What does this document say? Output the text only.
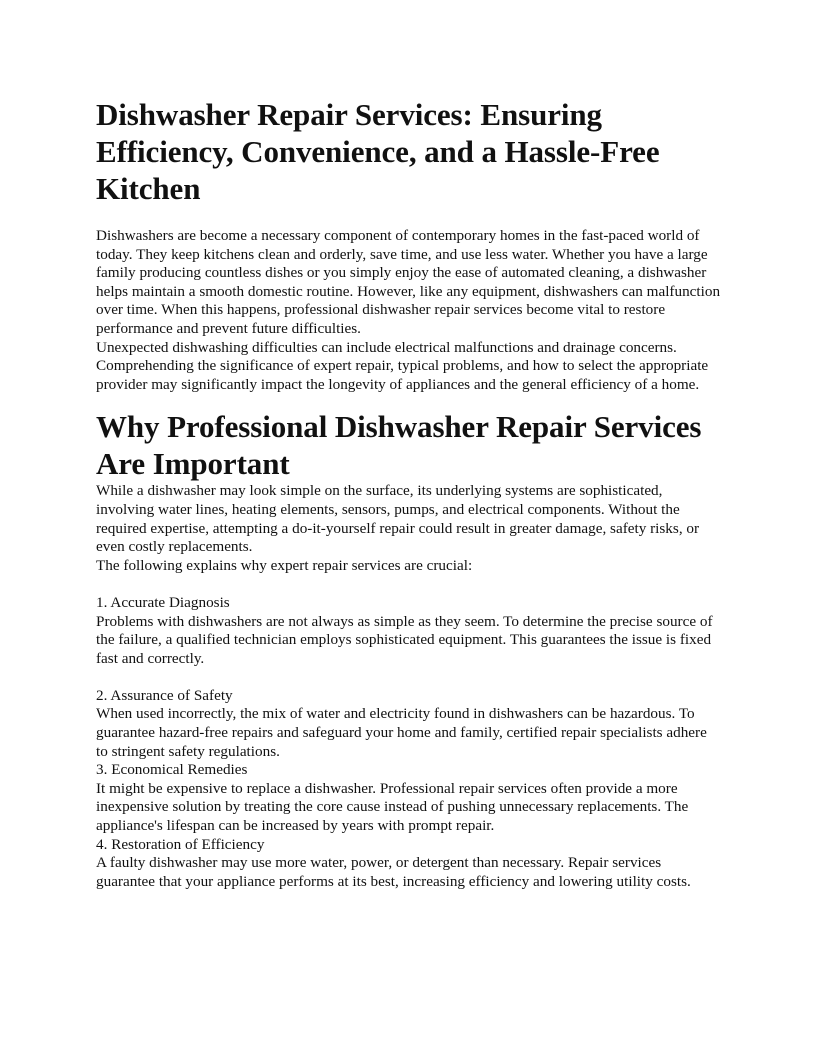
Dishwasher Repair Services: Ensuring Efficiency, Convenience, and a Hassle-Free Kitchen

Dishwashers are become a necessary component of contemporary homes in the fast-paced world of today. They keep kitchens clean and orderly, save time, and use less water. Whether you have a large family producing countless dishes or you simply enjoy the ease of automated cleaning, a dishwasher helps maintain a smooth domestic routine. However, like any equipment, dishwashers can malfunction over time. When this happens, professional dishwasher repair services become vital to restore performance and prevent future difficulties.

Unexpected dishwashing difficulties can include electrical malfunctions and drainage concerns. Comprehending the significance of expert repair, typical problems, and how to select the appropriate provider may significantly impact the longevity of appliances and the general efficiency of a home.

Why Professional Dishwasher Repair Services Are Important

While a dishwasher may look simple on the surface, its underlying systems are sophisticated, involving water lines, heating elements, sensors, pumps, and electrical components. Without the required expertise, attempting a do-it-yourself repair could result in greater damage, safety risks, or even costly replacements.

The following explains why expert repair services are crucial:

1. Accurate Diagnosis

Problems with dishwashers are not always as simple as they seem. To determine the precise source of the failure, a qualified technician employs sophisticated equipment. This guarantees the issue is fixed fast and correctly.

2. Assurance of Safety

When used incorrectly, the mix of water and electricity found in dishwashers can be hazardous. To guarantee hazard-free repairs and safeguard your home and family, certified repair specialists adhere to stringent safety regulations.

3. Economical Remedies

It might be expensive to replace a dishwasher. Professional repair services often provide a more inexpensive solution by treating the core cause instead of pushing unnecessary replacements. The appliance's lifespan can be increased by years with prompt repair.

4. Restoration of Efficiency

A faulty dishwasher may use more water, power, or detergent than necessary. Repair services guarantee that your appliance performs at its best, increasing efficiency and lowering utility costs.
